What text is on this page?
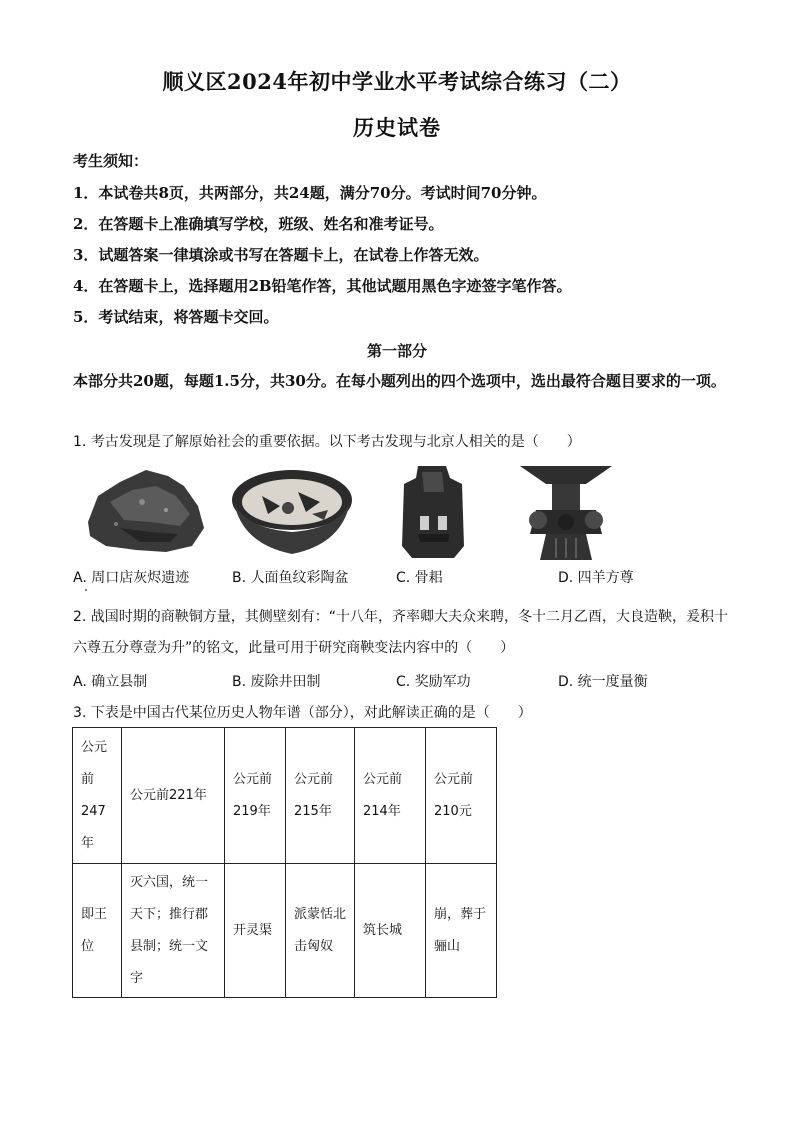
顺义区2024年初中学业水平考试综合练习（二）
历史试卷
考生须知：
1．本试卷共8页，共两部分，共24题，满分70分。考试时间70分钟。
2．在答题卡上准确填写学校，班级、姓名和准考证号。
3．试题答案一律填涂或书写在答题卡上，在试卷上作答无效。
4．在答题卡上，选择题用2B铅笔作答，其他试题用黑色字迹签字笔作答。
5．考试结束，将答题卡交回。
第一部分
本部分共20题，每题1.5分，共30分。在每小题列出的四个选项中，选出最符合题目要求的一项。
1. 考古发现是了解原始社会的重要依据。以下考古发现与北京人相关的是（　　）
A. 周口店灰烬遗迹	B. 人面鱼纹彩陶盆	C. 骨耜	D. 四羊方尊
2. 战国时期的商鞅铜方量，其侧壁刻有：“十八年，齐率卿大夫众来聘，冬十二月乙酉，大良造鞅，爰积十六尊五分尊壹为升”的铭文，此量可用于研究商鞅变法内容中的（　　）
A. 确立县制	B. 废除井田制	C. 奖励军功	D. 统一度量衡
3. 下表是中国古代某位历史人物年谱（部分），对此解读正确的是（　　）
公元前247年	公元前221年	公元前219年	公元前215年	公元前214年	公元前210元
即王位	灭六国，统一天下；推行郡县制；统一文字	开灵渠	派蒙恬北击匈奴	筑长城	崩，葬于骊山
